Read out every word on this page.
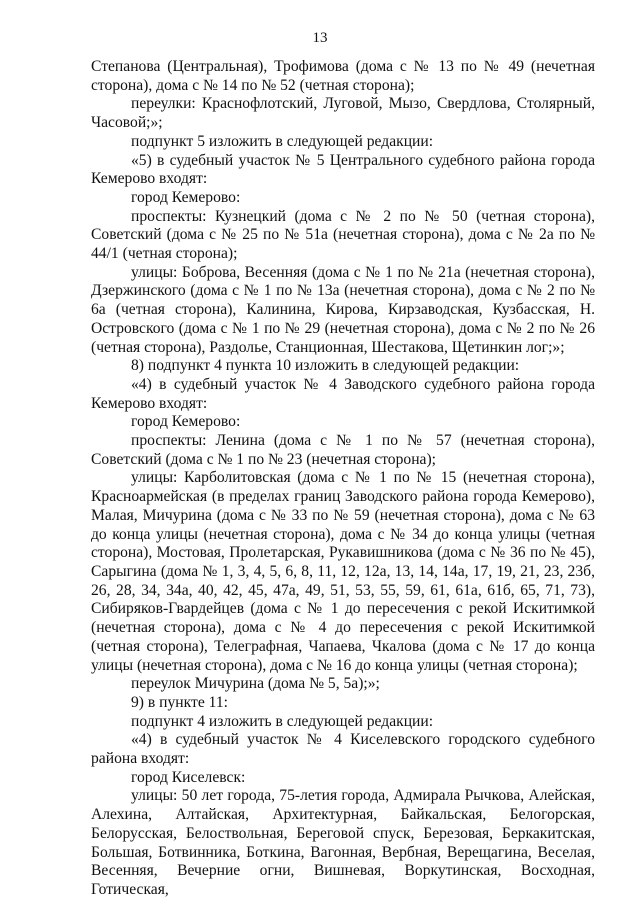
13

Степанова (Центральная), Трофимова (дома с № 13 по № 49 (нечетная сторона), дома с № 14 по № 52 (четная сторона);

переулки: Краснофлотский, Луговой, Мызо, Свердлова, Столярный, Часовой;»;

подпункт 5 изложить в следующей редакции:

«5) в судебный участок № 5 Центрального судебного района города Кемерово входят:

город Кемерово:

проспекты: Кузнецкий (дома с № 2 по № 50 (четная сторона), Советский (дома с № 25 по № 51а (нечетная сторона), дома с № 2а по № 44/1 (четная сторона);

улицы: Боброва, Весенняя (дома с № 1 по № 21а (нечетная сторона), Дзержинского (дома с № 1 по № 13а (нечетная сторона), дома с № 2 по № 6а (четная сторона), Калинина, Кирова, Кирзаводская, Кузбасская, Н. Островского (дома с № 1 по № 29 (нечетная сторона), дома с № 2 по № 26 (четная сторона), Раздолье, Станционная, Шестакова, Щетинкин лог;»;

8) подпункт 4 пункта 10 изложить в следующей редакции:

«4) в судебный участок № 4 Заводского судебного района города Кемерово входят:

город Кемерово:

проспекты: Ленина (дома с № 1 по № 57 (нечетная сторона), Советский (дома с № 1 по № 23 (нечетная сторона);

улицы: Карболитовская (дома с № 1 по № 15 (нечетная сторона), Красноармейская (в пределах границ Заводского района города Кемерово), Малая, Мичурина (дома с № 33 по № 59 (нечетная сторона), дома с № 63 до конца улицы (нечетная сторона), дома с № 34 до конца улицы (четная сторона), Мостовая, Пролетарская, Рукавишникова (дома с № 36 по № 45), Сарыгина (дома № 1, 3, 4, 5, 6, 8, 11, 12, 12а, 13, 14, 14а, 17, 19, 21, 23, 23б, 26, 28, 34, 34а, 40, 42, 45, 47а, 49, 51, 53, 55, 59, 61, 61а, 61б, 65, 71, 73), Сибиряков-Гвардейцев (дома с № 1 до пересечения с рекой Искитимкой (нечетная сторона), дома с № 4 до пересечения с рекой Искитимкой (четная сторона), Телеграфная, Чапаева, Чкалова (дома с № 17 до конца улицы (нечетная сторона), дома с № 16 до конца улицы (четная сторона);

переулок Мичурина (дома № 5, 5а);»;

9) в пункте 11:

подпункт 4 изложить в следующей редакции:

«4) в судебный участок № 4 Киселевского городского судебного района входят:

город Киселевск:

улицы: 50 лет города, 75-летия города, Адмирала Рычкова, Алейская, Алехина, Алтайская, Архитектурная, Байкальская, Белогорская, Белорусская, Белоствольная, Береговой спуск, Березовая, Беркакитская, Большая, Ботвинника, Боткина, Вагонная, Вербная, Верещагина, Веселая, Весенняя, Вечерние огни, Вишневая, Воркутинская, Восходная, Готическая,
